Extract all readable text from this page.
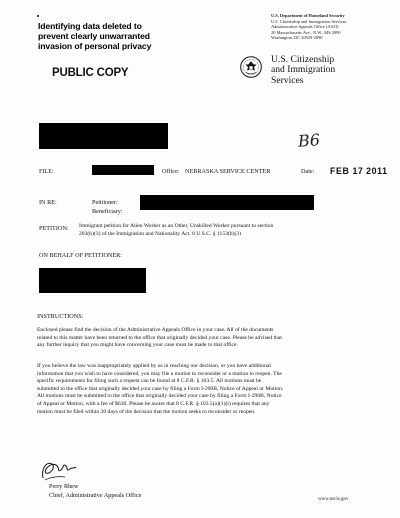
Identifying data deleted to
prevent clearly unwarranted
invasion of personal privacy
PUBLIC COPY
U.S. Department of Homeland Security
U.S. Citizenship and Immigration Services
Administrative Appeals Office (AAO)
20 Massachusetts Ave., N.W., MS 2090
Washington, DC 20529-2090
U.S. Citizenship
and Immigration
Services
B6
FILE:	Office: NEBRASKA SERVICE CENTER	Date: FEB 17 2011
IN RE:	Petitioner:
Beneficiary:
PETITION: Immigrant petition for Alien Worker as an Other, Unskilled Worker pursuant to section
203(b)(3) of the Immigration and Nationality Act, 8 U.S.C. § 1153(b)(3)
ON BEHALF OF PETITIONER:
INSTRUCTIONS:
Enclosed please find the decision of the Administrative Appeals Office in your case. All of the documents
related to this matter have been returned to the office that originally decided your case. Please be advised that
any further inquiry that you might have concerning your case must be made to that office.
If you believe the law was inappropriately applied by us in reaching our decision, or you have additional
information that you wish to have considered, you may file a motion to reconsider or a motion to reopen. The
specific requirements for filing such a request can be found at 8 C.F.R. § 103.5. All motions must be
submitted to the office that originally decided your case by filing a Form I-290B, Notice of Appeal or Motion.
All motions must be submitted to the office that originally decided your case by filing a Form I-290B, Notice
of Appeal or Motion, with a fee of $630. Please be aware that 8 C.F.R. § 103.5(a)(1)(i) requires that any
motion must be filed within 30 days of the decision that the motion seeks to reconsider or reopen.
Perry Rhew
Chief, Administrative Appeals Office
www.uscis.gov
